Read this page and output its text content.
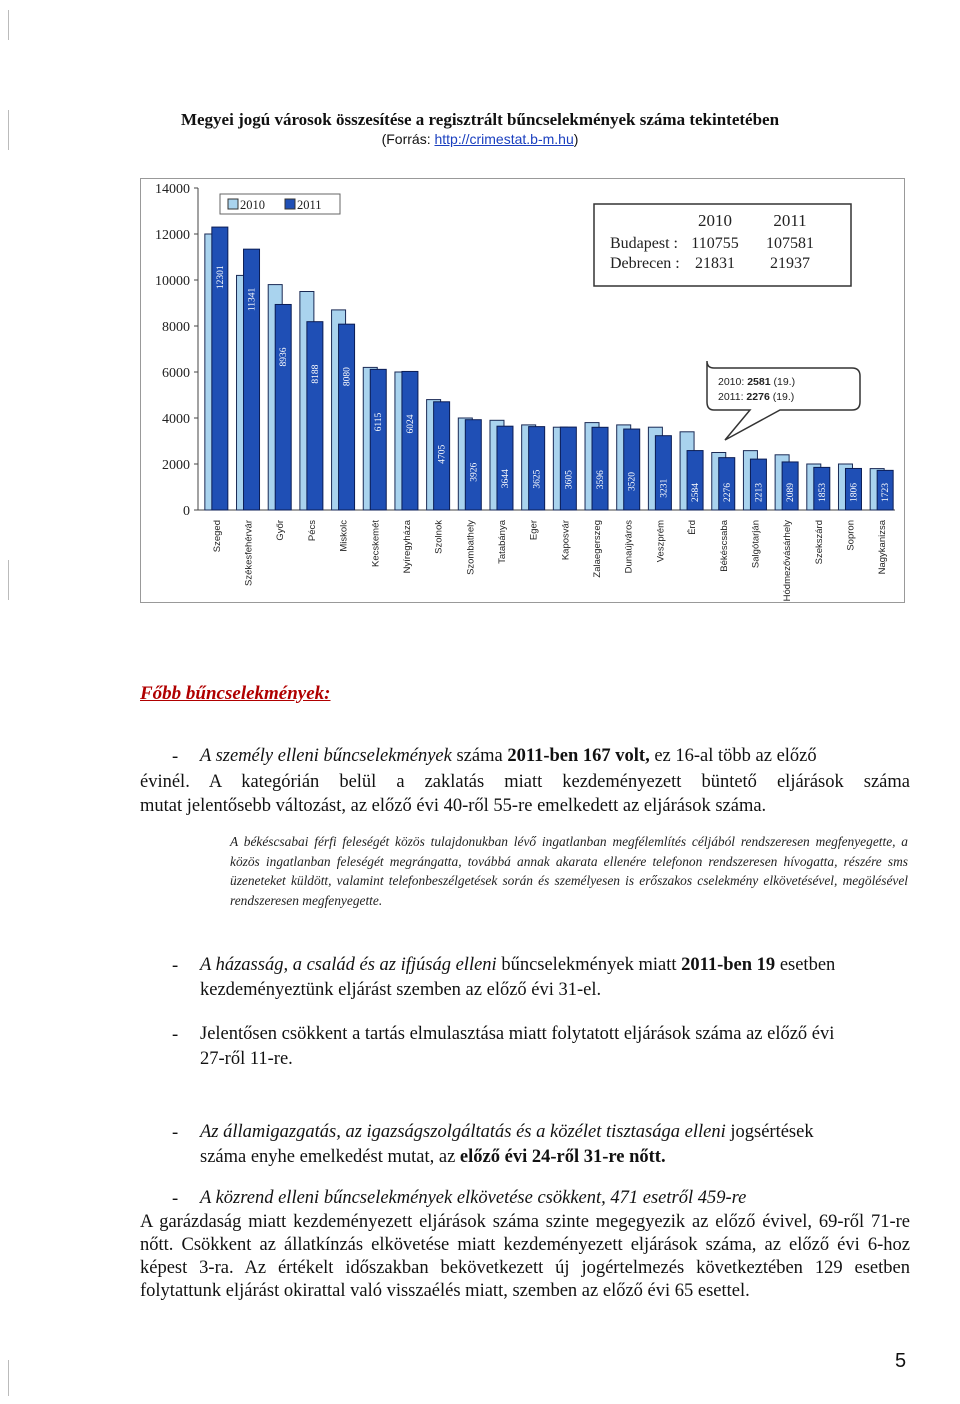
Megyei jogú városok összesítése a regisztrált bűncselekmények száma tekintetében
(Forrás: http://crimestat.b-m.hu)
0
2000
4000
6000
8000
10000
12000
14000
12301
Szeged
11341
Székesfehérvár
8936
Győr
8188
Pécs
8080
Miskolc
6115
Kecskemét
6024
Nyíregyháza
4705
Szolnok
3926
Szombathely
3644
Tatabánya
3625
Eger
3605
Kaposvár
3596
Zalaegerszeg
3520
Dunaújváros
3231
Veszprém
2584
Érd
2276
Békéscsaba
2213
Salgótarján
2089
Hódmezővásárhely
1853
Szekszárd
1806
Sopron
1723
Nagykanizsa
2010	2011
2010 2011
Budapest : 110755 107581
Debrecen : 21831 21937
2010: 2581 (19.)
2011: 2276 (19.)
Főbb bűncselekmények:
- A személy elleni bűncselekmények száma 2011-ben 167 volt, ez 16-al több az előző
évinél. A kategórián belül a zaklatás miatt kezdeményezett büntető eljárások száma
mutat jelentősebb változást, az előző évi 40-ről 55-re emelkedett az eljárások száma.
A békéscsabai férfi feleségét közös tulajdonukban lévő ingatlanban megfélemlítés céljából rendszeresen megfenyegette, a közös ingatlanban feleségét megrángatta, továbbá annak akarata ellenére telefonon rendszeresen hívogatta, részére sms üzeneteket küldött, valamint telefonbeszélgetések során és személyesen is erőszakos cselekmény elkövetésével, megölésével rendszeresen megfenyegette.
- A házasság, a család és az ifjúság elleni bűncselekmények miatt 2011-ben 19 esetben
kezdeményeztünk eljárást szemben az előző évi 31-el.
- Jelentősen csökkent a tartás elmulasztása miatt folytatott eljárások száma az előző évi
27-ről 11-re.
- Az államigazgatás, az igazságszolgáltatás és a közélet tisztasága elleni jogsértések
száma enyhe emelkedést mutat, az előző évi 24-ről 31-re nőtt.
- A közrend elleni bűncselekmények elkövetése csökkent, 471 esetről 459-re
A garázdaság miatt kezdeményezett eljárások száma szinte megegyezik az előző évivel, 69-ről 71-re nőtt. Csökkent az állatkínzás elkövetése miatt kezdeményezett eljárások száma, az előző évi 6-hoz képest 3-ra. Az értékelt időszakban bekövetkezett új jogértelmezés következtében 129 esetben folytattunk eljárást okirattal való visszaélés miatt, szemben az előző évi 65 esettel.
5
